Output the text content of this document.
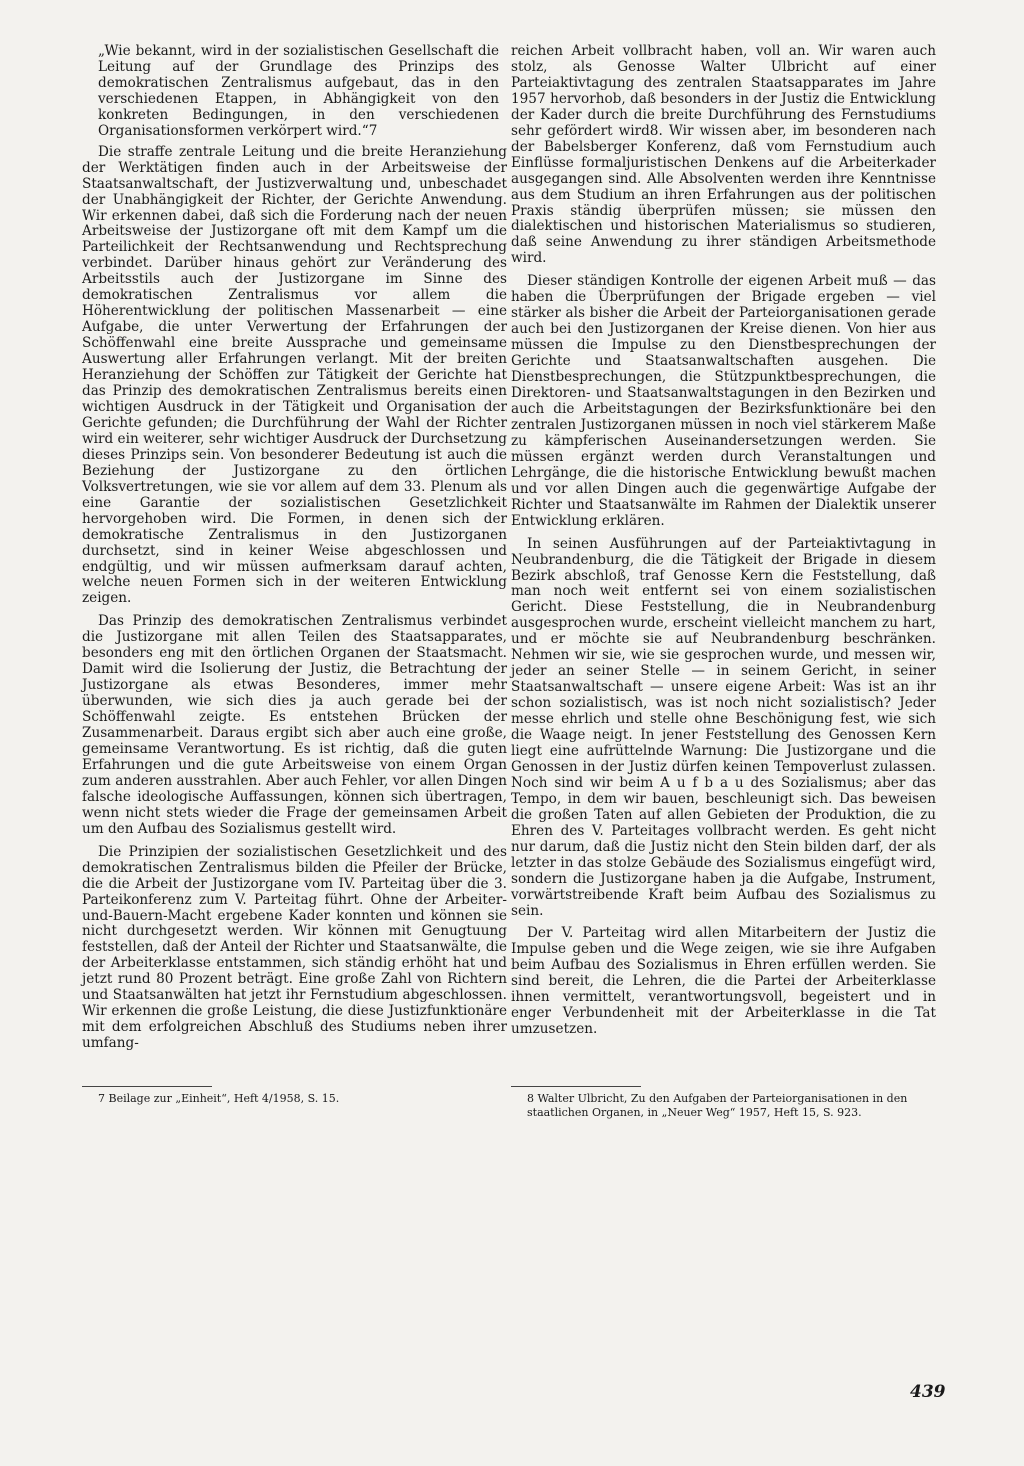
„Wie bekannt, wird in der sozialistischen Gesellschaft die Leitung auf der Grundlage des Prinzips des demokratischen Zentralismus aufgebaut, das in den verschiedenen Etappen, in Abhängigkeit von den konkreten Bedingungen, in den verschiedenen Organisationsformen verkörpert wird.“7

Die straffe zentrale Leitung und die breite Heranziehung der Werktätigen finden auch in der Arbeitsweise der Staatsanwaltschaft, der Justizverwaltung und, unbeschadet der Unabhängigkeit der Richter, der Gerichte Anwendung. Wir erkennen dabei, daß sich die Forderung nach der neuen Arbeitsweise der Justizorgane oft mit dem Kampf um die Parteilichkeit der Rechtsanwendung und Rechtsprechung verbindet. Darüber hinaus gehört zur Veränderung des Arbeitsstils auch der Justizorgane im Sinne des demokratischen Zentralismus vor allem die Höherentwicklung der politischen Massenarbeit — eine Aufgabe, die unter Verwertung der Erfahrungen der Schöffenwahl eine breite Aussprache und gemeinsame Auswertung aller Erfahrungen verlangt. Mit der breiten Heranziehung der Schöffen zur Tätigkeit der Gerichte hat das Prinzip des demokratischen Zentralismus bereits einen wichtigen Ausdruck in der Tätigkeit und Organisation der Gerichte gefunden; die Durchführung der Wahl der Richter wird ein weiterer, sehr wichtiger Ausdruck der Durchsetzung dieses Prinzips sein. Von besonderer Bedeutung ist auch die Beziehung der Justizorgane zu den örtlichen Volksvertretungen, wie sie vor allem auf dem 33. Plenum als eine Garantie der sozialistischen Gesetzlichkeit hervorgehoben wird. Die Formen, in denen sich der demokratische Zentralismus in den Justizorganen durchsetzt, sind in keiner Weise abgeschlossen und endgültig, und wir müssen aufmerksam darauf achten, welche neuen Formen sich in der weiteren Entwicklung zeigen.

Das Prinzip des demokratischen Zentralismus verbindet die Justizorgane mit allen Teilen des Staatsapparates, besonders eng mit den örtlichen Organen der Staatsmacht. Damit wird die Isolierung der Justiz, die Betrachtung der Justizorgane als etwas Besonderes, immer mehr überwunden, wie sich dies ja auch gerade bei der Schöffenwahl zeigte. Es entstehen Brücken der Zusammenarbeit. Daraus ergibt sich aber auch eine große, gemeinsame Verantwortung. Es ist richtig, daß die guten Erfahrungen und die gute Arbeitsweise von einem Organ zum anderen ausstrahlen. Aber auch Fehler, vor allen Dingen falsche ideologische Auffassungen, können sich übertragen, wenn nicht stets wieder die Frage der gemeinsamen Arbeit um den Aufbau des Sozialismus gestellt wird.

Die Prinzipien der sozialistischen Gesetzlichkeit und des demokratischen Zentralismus bilden die Pfeiler der Brücke, die die Arbeit der Justizorgane vom IV. Parteitag über die 3. Parteikonferenz zum V. Parteitag führt. Ohne der Arbeiter-und-Bauern-Macht ergebene Kader konnten und können sie nicht durchgesetzt werden. Wir können mit Genugtuung feststellen, daß der Anteil der Richter und Staatsanwälte, die der Arbeiterklasse entstammen, sich ständig erhöht hat und jetzt rund 80 Prozent beträgt. Eine große Zahl von Richtern und Staatsanwälten hat jetzt ihr Fernstudium abgeschlossen. Wir erkennen die große Leistung, die diese Justizfunktionäre mit dem erfolgreichen Abschluß des Studiums neben ihrer umfang-

reichen Arbeit vollbracht haben, voll an. Wir waren auch stolz, als Genosse Walter Ulbricht auf einer Parteiaktivtagung des zentralen Staatsapparates im Jahre 1957 hervorhob, daß besonders in der Justiz die Entwicklung der Kader durch die breite Durchführung des Fernstudiums sehr gefördert wird8. Wir wissen aber, im besonderen nach der Babelsberger Konferenz, daß vom Fernstudium auch Einflüsse formaljuristischen Denkens auf die Arbeiterkader ausgegangen sind. Alle Absolventen werden ihre Kenntnisse aus dem Studium an ihren Erfahrungen aus der politischen Praxis ständig überprüfen müssen; sie müssen den dialektischen und historischen Materialismus so studieren, daß seine Anwendung zu ihrer ständigen Arbeitsmethode wird.

Dieser ständigen Kontrolle der eigenen Arbeit muß — das haben die Überprüfungen der Brigade ergeben — viel stärker als bisher die Arbeit der Parteiorganisationen gerade auch bei den Justizorganen der Kreise dienen. Von hier aus müssen die Impulse zu den Dienstbesprechungen der Gerichte und Staatsanwaltschaften ausgehen. Die Dienstbesprechungen, die Stützpunktbesprechungen, die Direktoren- und Staatsanwaltstagungen in den Bezirken und auch die Arbeitstagungen der Bezirksfunktionäre bei den zentralen Justizorganen müssen in noch viel stärkerem Maße zu kämpferischen Auseinandersetzungen werden. Sie müssen ergänzt werden durch Veranstaltungen und Lehrgänge, die die historische Entwicklung bewußt machen und vor allen Dingen auch die gegenwärtige Aufgabe der Richter und Staatsanwälte im Rahmen der Dialektik unserer Entwicklung erklären.

In seinen Ausführungen auf der Parteiaktivtagung in Neubrandenburg, die die Tätigkeit der Brigade in diesem Bezirk abschloß, traf Genosse Kern die Feststellung, daß man noch weit entfernt sei von einem sozialistischen Gericht. Diese Feststellung, die in Neubrandenburg ausgesprochen wurde, erscheint vielleicht manchem zu hart, und er möchte sie auf Neubrandenburg beschränken. Nehmen wir sie, wie sie gesprochen wurde, und messen wir, jeder an seiner Stelle — in seinem Gericht, in seiner Staatsanwaltschaft — unsere eigene Arbeit: Was ist an ihr schon sozialistisch, was ist noch nicht sozialistisch? Jeder messe ehrlich und stelle ohne Beschönigung fest, wie sich die Waage neigt. In jener Feststellung des Genossen Kern liegt eine aufrüttelnde Warnung: Die Justizorgane und die Genossen in der Justiz dürfen keinen Tempoverlust zulassen. Noch sind wir beim A u f b a u des Sozialismus; aber das Tempo, in dem wir bauen, beschleunigt sich. Das beweisen die großen Taten auf allen Gebieten der Produktion, die zu Ehren des V. Parteitages vollbracht werden. Es geht nicht nur darum, daß die Justiz nicht den Stein bilden darf, der als letzter in das stolze Gebäude des Sozialismus eingefügt wird, sondern die Justizorgane haben ja die Aufgabe, Instrument, vorwärtstreibende Kraft beim Aufbau des Sozialismus zu sein.

Der V. Parteitag wird allen Mitarbeitern der Justiz die Impulse geben und die Wege zeigen, wie sie ihre Aufgaben beim Aufbau des Sozialismus in Ehren erfüllen werden. Sie sind bereit, die Lehren, die die Partei der Arbeiterklasse ihnen vermittelt, verantwortungsvoll, begeistert und in enger Verbundenheit mit der Arbeiterklasse in die Tat umzusetzen.

7 Beilage zur „Einheit“, Heft 4/1958, S. 15.	8 Walter Ulbricht, Zu den Aufgaben der Parteiorganisationen in den staatlichen Organen, in „Neuer Weg“ 1957, Heft 15, S. 923.
439
